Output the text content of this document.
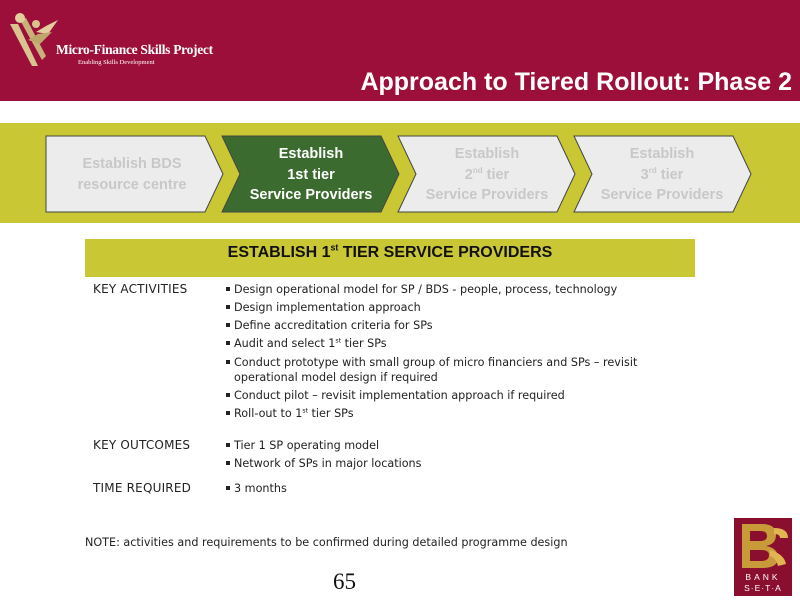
Micro-Finance Skills Project
Enabling Skills Development
Approach to Tiered Rollout: Phase 2
Establish BDS
resource centre
Establish
1st tier
Service Providers
Establish
2nd tier
Service Providers
Establish
3rd tier
Service Providers
ESTABLISH 1st TIER SERVICE PROVIDERS
KEY ACTIVITIES	Design operational model for SP / BDS - people, process, technology
Design implementation approach
Define accreditation criteria for SPs
Audit and select 1st tier SPs
Conduct prototype with small group of micro financiers and SPs – revisit
operational model design if required
Conduct pilot – revisit implementation approach if required
Roll-out to 1st tier SPs
KEY OUTCOMES	Tier 1 SP operating model
Network of SPs in major locations
TIME REQUIRED	3 months
NOTE: activities and requirements to be confirmed during detailed programme design
65	BANK
S·E·T·A
